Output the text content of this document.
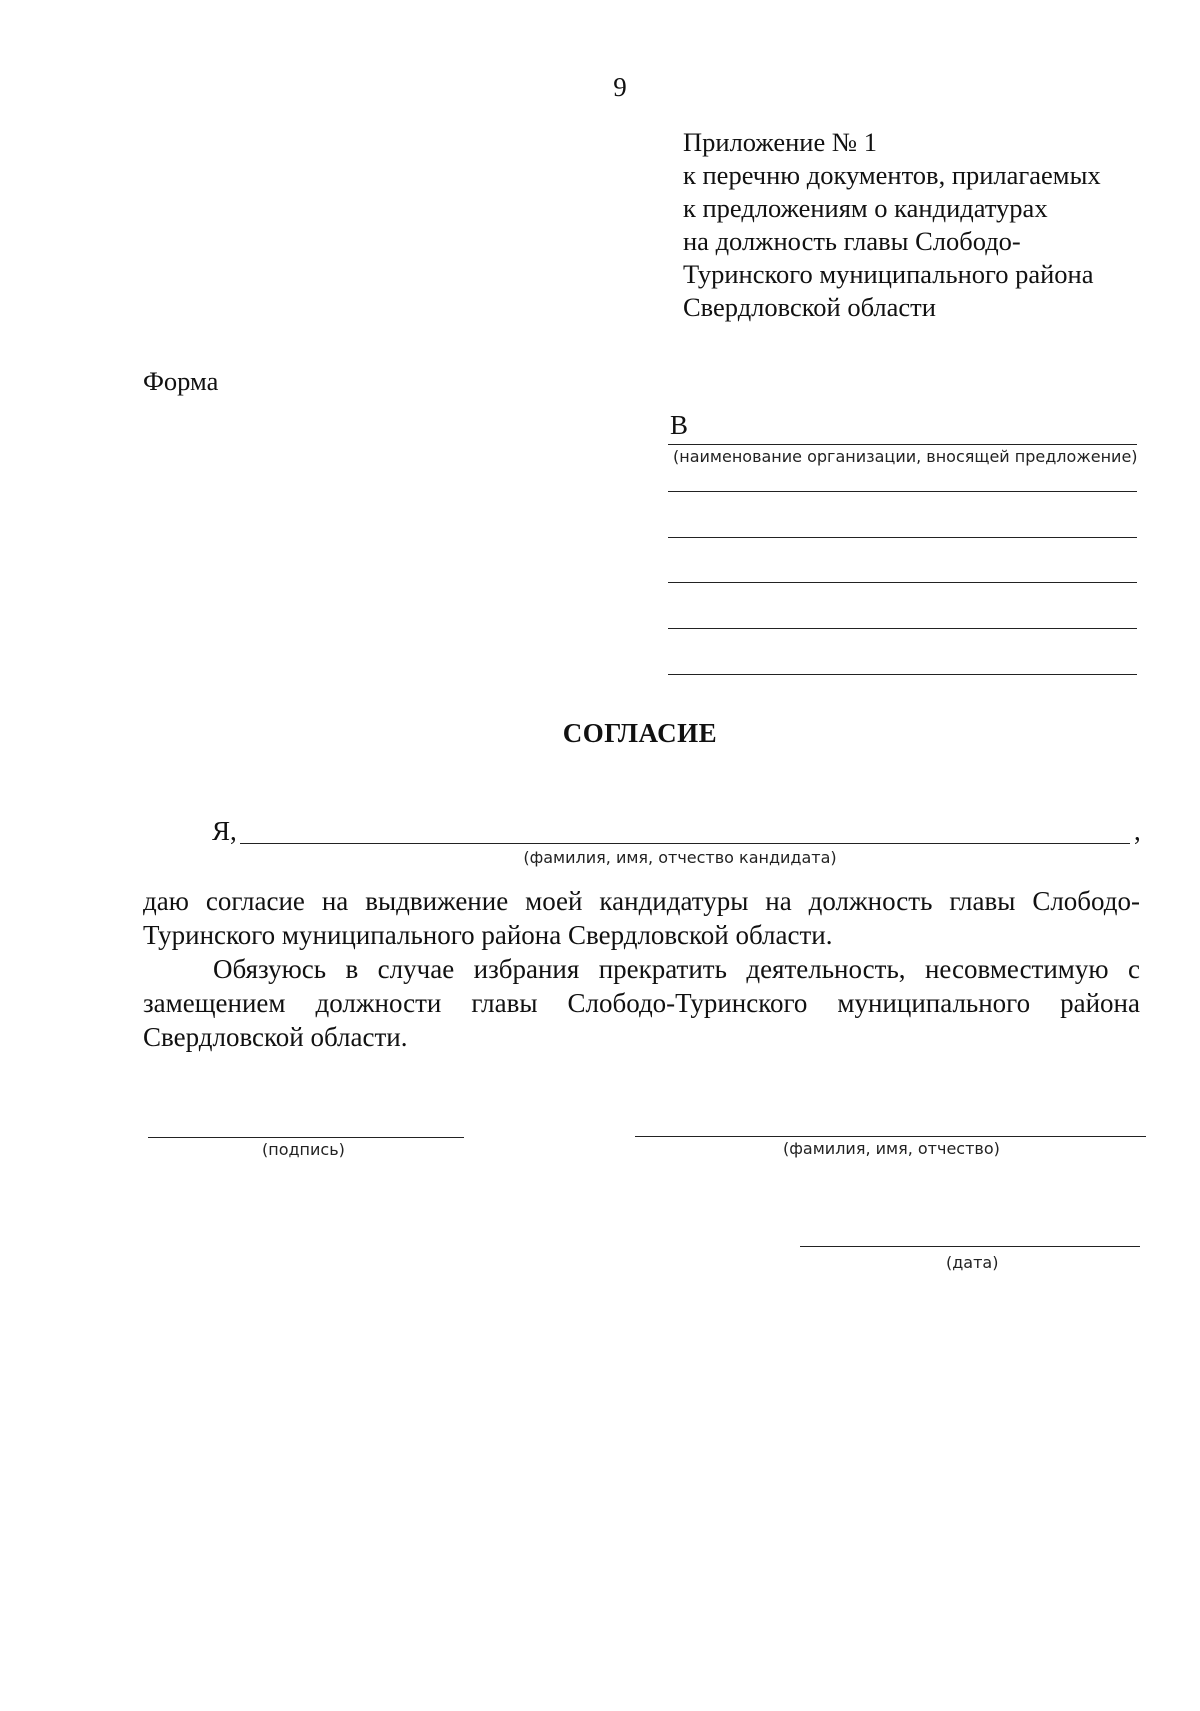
9
Приложение № 1
к перечню документов, прилагаемых
к предложениям о кандидатурах
на должность главы Слободо-
Туринского муниципального района
Свердловской области
Форма
В
(наименование организации, вносящей предложение)
СОГЛАСИЕ
Я,	,
(фамилия, имя, отчество кандидата)

даю согласие на выдвижение моей кандидатуры на должность главы Слободо-Туринского муниципального района Свердловской области.

Обязуюсь в случае избрания прекратить деятельность, несовместимую с замещением должности главы Слободо-Туринского муниципального района Свердловской области.

(подпись)	(фамилия, имя, отчество)
(дата)
